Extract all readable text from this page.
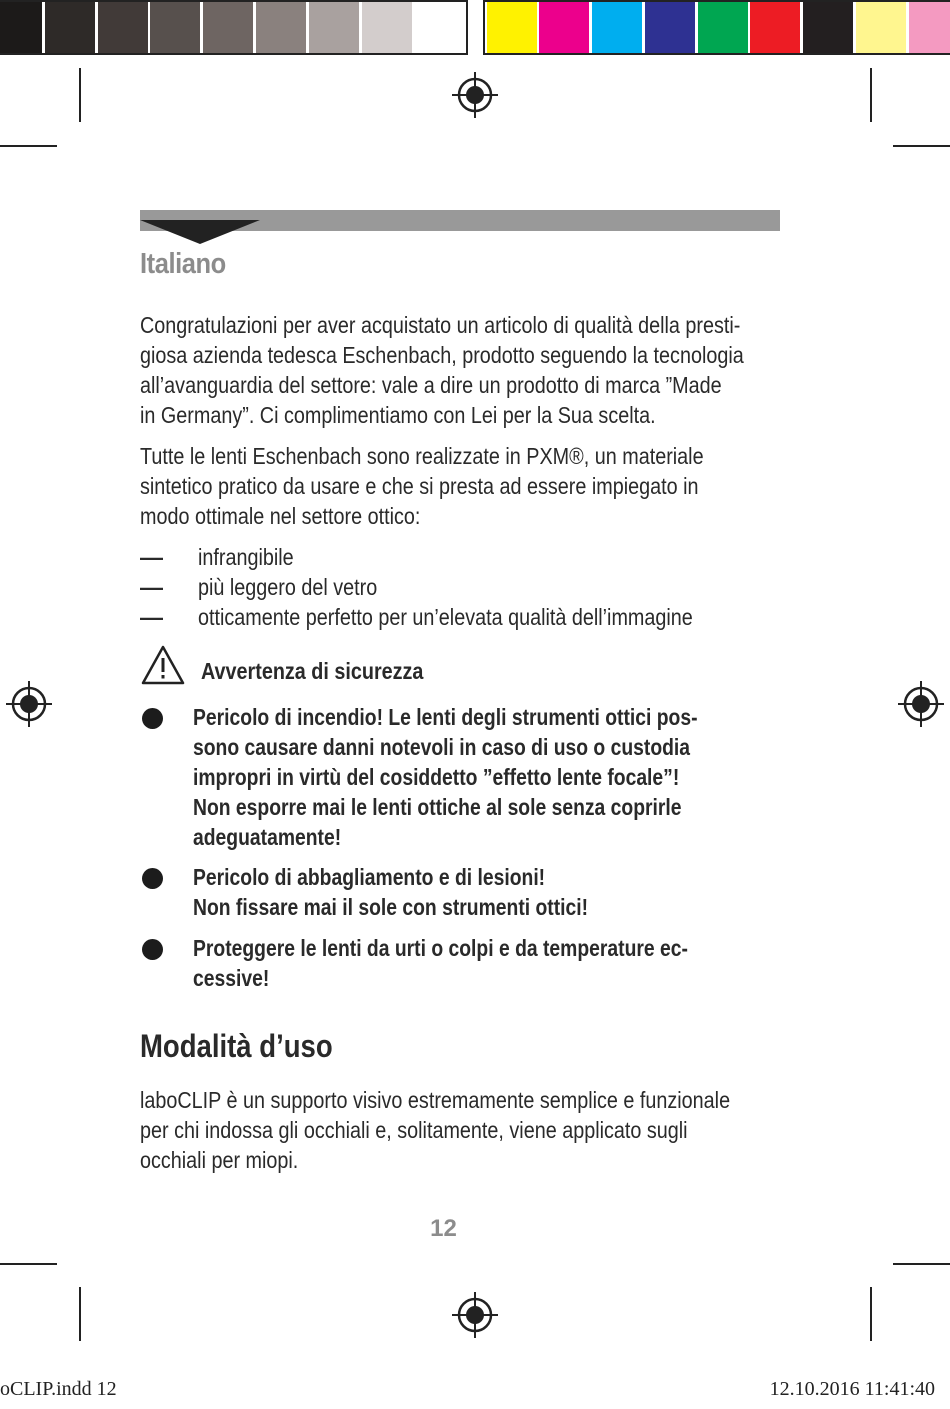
Italiano
Congratulazioni per aver acquistato un articolo di qualità della presti-
giosa azienda tedesca Eschenbach, prodotto seguendo la tecnologia
all’avanguardia del settore: vale a dire un prodotto di marca ”Made
in Germany”. Ci complimentiamo con Lei per la Sua scelta.
Tutte le lenti Eschenbach sono realizzate in PXM®, un materiale
sintetico pratico da usare e che si presta ad essere impiegato in
modo ottimale nel settore ottico:
— infrangibile
— più leggero del vetro
— otticamente perfetto per un’elevata qualità dell’immagine
Avvertenza di sicurezza
Pericolo di incendio! Le lenti degli strumenti ottici pos-
sono causare danni notevoli in caso di uso o custodia
impropri in virtù del cosiddetto ”effetto lente focale”!
Non esporre mai le lenti ottiche al sole senza coprirle
adeguatamente!
Pericolo di abbagliamento e di lesioni!
Non fissare mai il sole con strumenti ottici!
Proteggere le lenti da urti o colpi e da temperature ec-
cessive!
Modalità d’uso
laboCLIP è un supporto visivo estremamente semplice e funzionale
per chi indossa gli occhiali e, solitamente, viene applicato sugli
occhiali per miopi.
12
oCLIP.indd 12	12.10.2016 11:41:40
